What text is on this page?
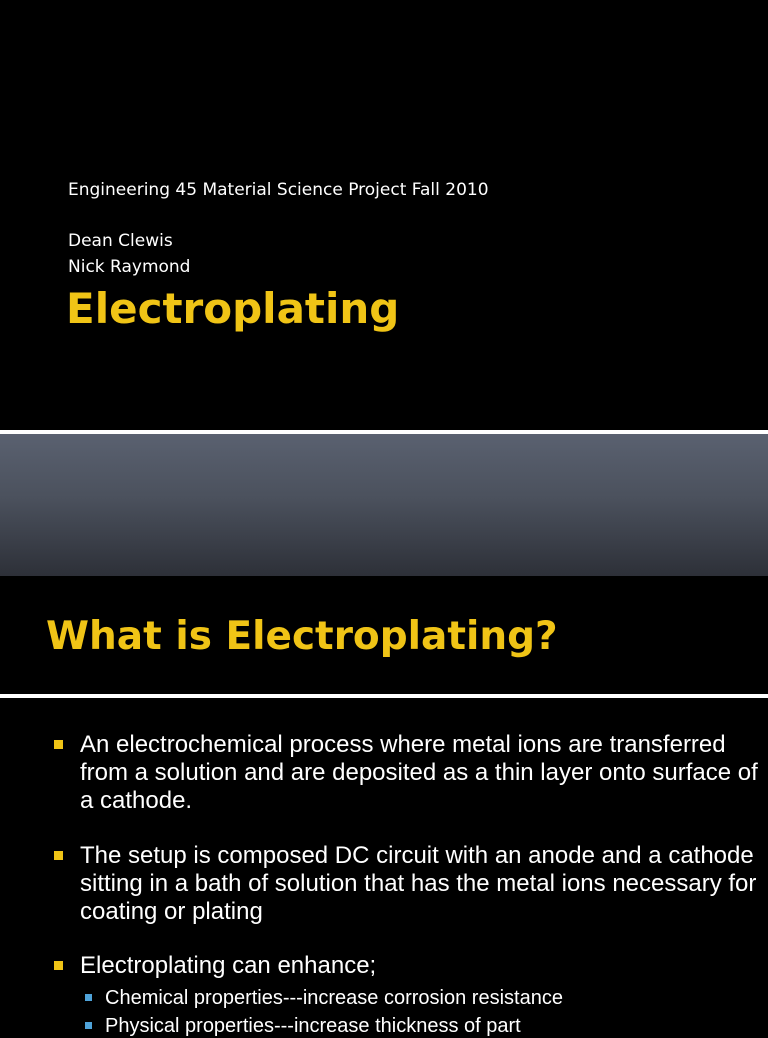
Engineering 45 Material Science Project Fall 2010
Dean Clewis
Nick Raymond
Electroplating
What is Electroplating?
An electrochemical process where metal ions are transferred from a solution and are deposited as a thin layer onto surface of a cathode.
The setup is composed DC circuit with an anode and a cathode sitting in a bath of solution that has the metal ions necessary for coating or plating
Electroplating can enhance;
Chemical properties---increase corrosion resistance
Physical properties---increase thickness of part
